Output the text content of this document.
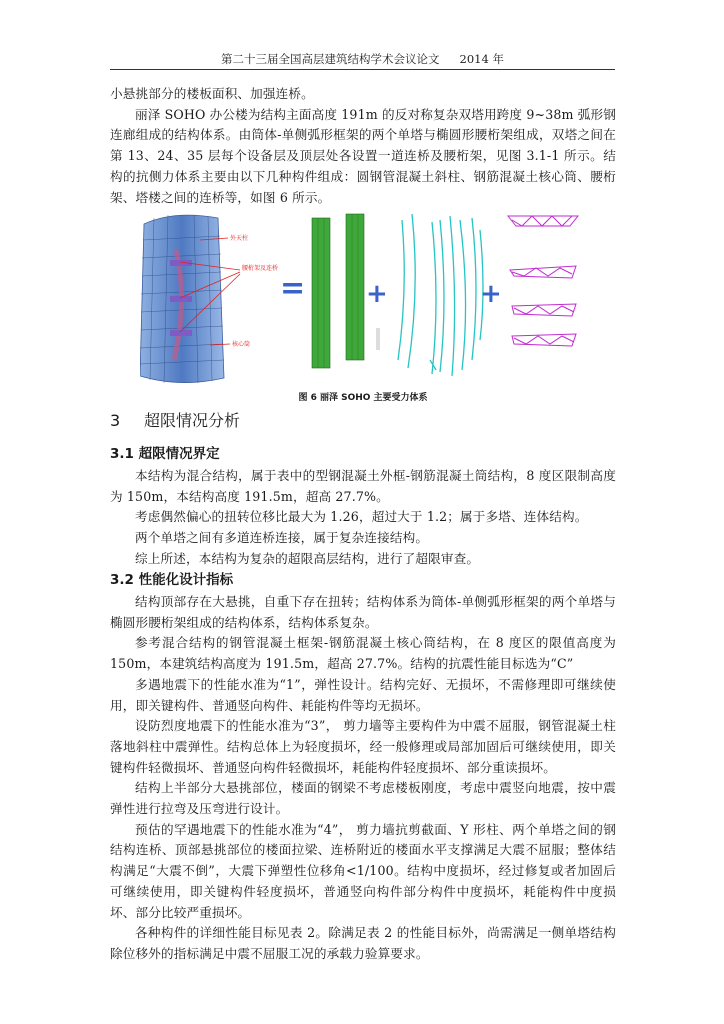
第二十三届全国高层建筑结构学术会议论文 2014 年

小悬挑部分的楼板面积、加强连桥。

丽泽 SOHO 办公楼为结构主面高度 191m 的反对称复杂双塔用跨度 9~38m 弧形钢连廊组成的结构体系。由筒体-单侧弧形框架的两个单塔与椭圆形腰桁架组成，双塔之间在第 13、24、35 层每个设备层及顶层处各设置一道连桥及腰桁架，见图 3.1-1 所示。结构的抗侧力体系主要由以下几种构件组成：圆钢管混凝土斜柱、钢筋混凝土核心筒、腰桁架、塔楼之间的连桥等，如图 6 所示。

外天柱
腰桁架及连桥
核心筒
= +	+
图 6 丽泽 SOHO 主要受力体系
3 超限情况分析
3.1 超限情况界定

本结构为混合结构，属于表中的型钢混凝土外框-钢筋混凝土筒结构，8 度区限制高度为 150m，本结构高度 191.5m，超高 27.7%。

考虑偶然偏心的扭转位移比最大为 1.26，超过大于 1.2；属于多塔、连体结构。

两个单塔之间有多道连桥连接，属于复杂连接结构。

综上所述，本结构为复杂的超限高层结构，进行了超限审查。

3.2 性能化设计指标

结构顶部存在大悬挑，自重下存在扭转；结构体系为筒体-单侧弧形框架的两个单塔与椭圆形腰桁架组成的结构体系，结构体系复杂。

参考混合结构的钢管混凝土框架-钢筋混凝土核心筒结构，在 8 度区的限值高度为 150m，本建筑结构高度为 191.5m，超高 27.7%。结构的抗震性能目标选为“C”

多遇地震下的性能水准为“1”，弹性设计。结构完好、无损坏，不需修理即可继续使用，即关键构件、普通竖向构件、耗能构件等均无损坏。

设防烈度地震下的性能水准为“3”， 剪力墙等主要构件为中震不屈服，钢管混凝土柱落地斜柱中震弹性。结构总体上为轻度损坏，经一般修理或局部加固后可继续使用，即关键构件轻微损坏、普通竖向构件轻微损坏，耗能构件轻度损坏、部分重读损坏。

结构上半部分大悬挑部位，楼面的钢梁不考虑楼板刚度，考虑中震竖向地震，按中震弹性进行拉弯及压弯进行设计。

预估的罕遇地震下的性能水准为“4”， 剪力墙抗剪截面、Y 形柱、两个单塔之间的钢结构连桥、顶部悬挑部位的楼面拉梁、连桥附近的楼面水平支撑满足大震不屈服；整体结构满足“大震不倒”，大震下弹塑性位移角<1/100。结构中度损坏，经过修复或者加固后可继续使用，即关键构件轻度损坏，普通竖向构件部分构件中度损坏，耗能构件中度损坏、部分比较严重损坏。

各种构件的详细性能目标见表 2。除满足表 2 的性能目标外，尚需满足一侧单塔结构除位移外的指标满足中震不屈服工况的承载力验算要求。
